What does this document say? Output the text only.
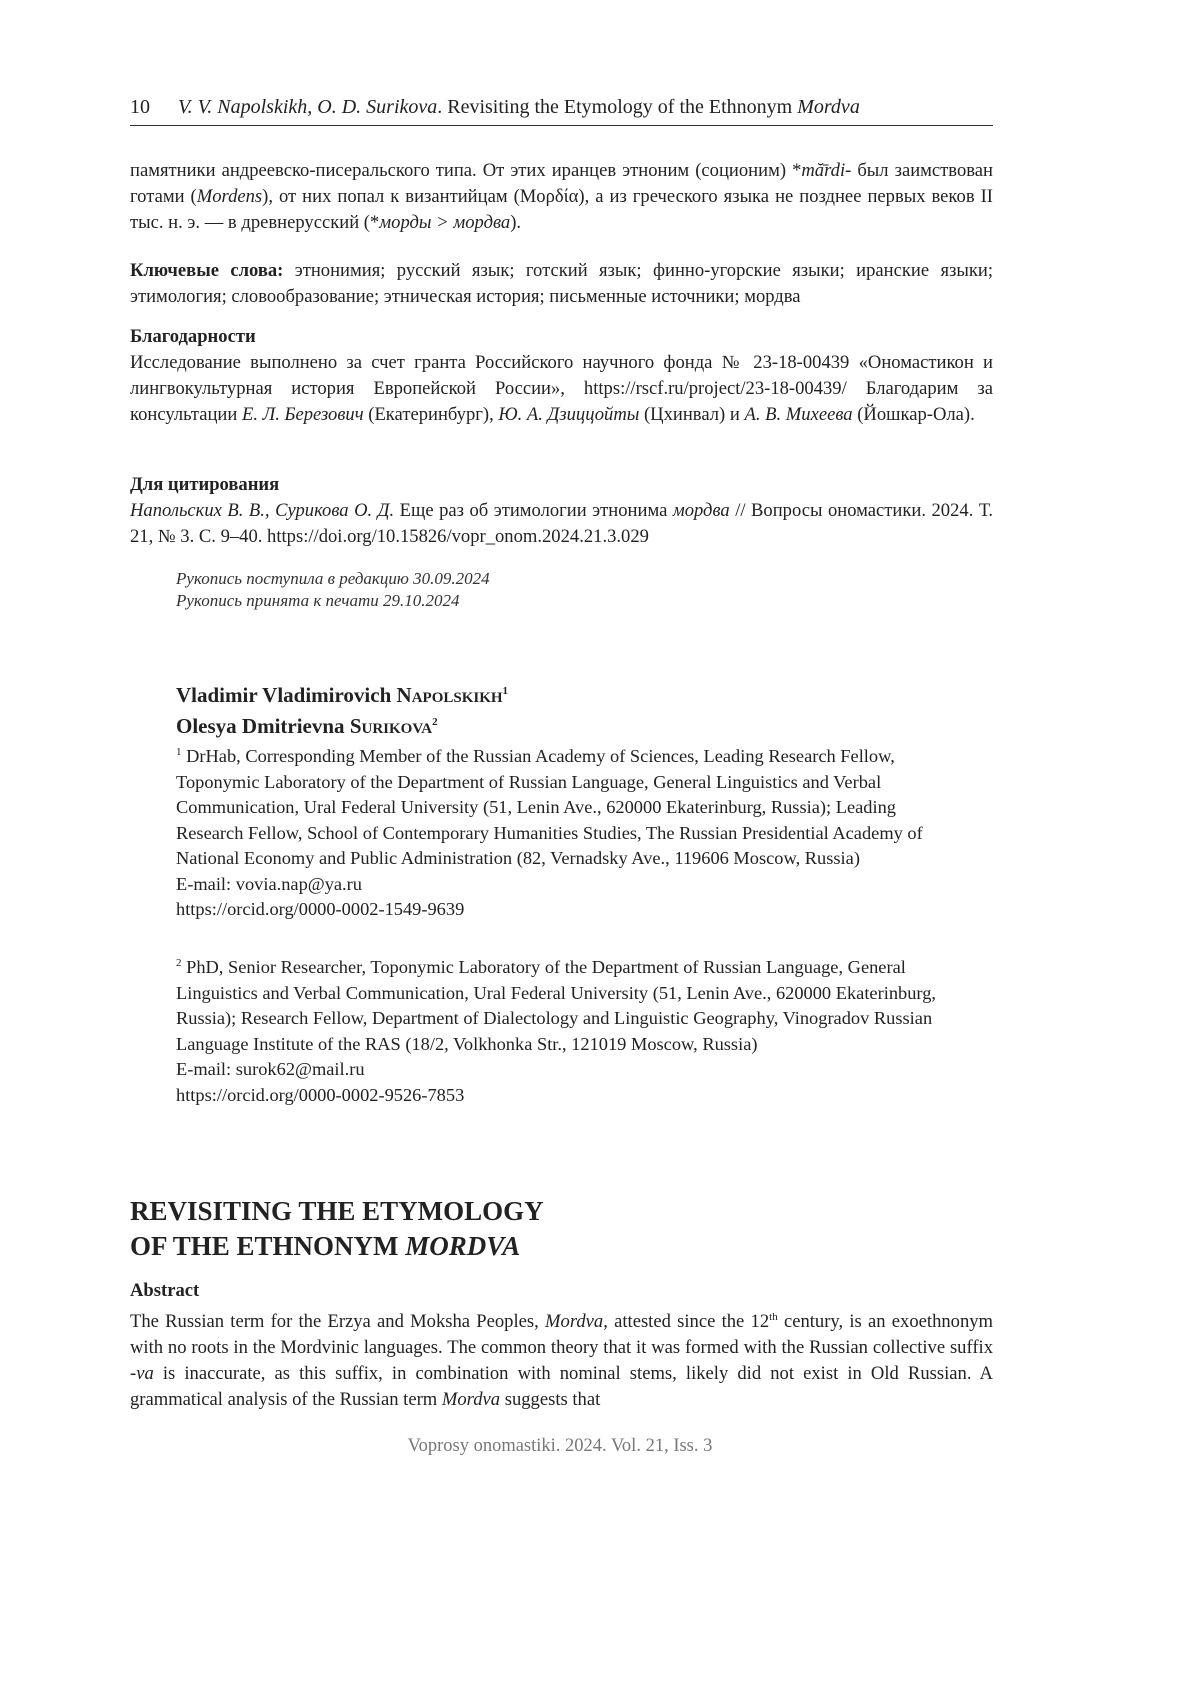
10 V. V. Napolskikh, O. D. Surikova. Revisiting the Etymology of the Ethnonym Mordva

памятники андреевско-писеральского типа. От этих иранцев этноним (соционим) *mă̄rdi- был заимствован готами (Mordens), от них попал к византийцам (Μορδία), а из греческого языка не позднее первых веков II тыс. н. э. — в древнерусский (*морды > мордва).

Ключевые слова: этнонимия; русский язык; готский язык; финно-угорские языки; иранские языки; этимология; словообразование; этническая история; письменные источники; мордва

Благодарности

Исследование выполнено за счет гранта Российского научного фонда № 23-18-00439 «Ономастикон и лингвокультурная история Европейской России», https://rscf.ru/project/23-18-00439/ Благодарим за консультации Е. Л. Березович (Екатеринбург), Ю. А. Дзиццойты (Цхинвал) и А. В. Михеева (Йошкар-Ола).

Для цитирования

Напольских В. В., Сурикова О. Д. Еще раз об этимологии этнонима мордва // Вопросы ономастики. 2024. Т. 21, № 3. С. 9–40. https://doi.org/10.15826/vopr_onom.2024.21.3.029

Рукопись поступила в редакцию 30.09.2024
Рукопись принята к печати 29.10.2024
Vladimir Vladimirovich Napolskikh1
Olesya Dmitrievna Surikova2
1 DrHab, Corresponding Member of the Russian Academy of Sciences, Leading Research Fellow, Toponymic Laboratory of the Department of Russian Language, General Linguistics and Verbal Communication, Ural Federal University (51, Lenin Ave., 620000 Ekaterinburg, Russia); Leading Research Fellow, School of Contemporary Humanities Studies, The Russian Presidential Academy of National Economy and Public Administration (82, Vernadsky Ave., 119606 Moscow, Russia)
E-mail: vovia.nap@ya.ru
https://orcid.org/0000-0002-1549-9639
2 PhD, Senior Researcher, Toponymic Laboratory of the Department of Russian Language, General Linguistics and Verbal Communication, Ural Federal University (51, Lenin Ave., 620000 Ekaterinburg, Russia); Research Fellow, Department of Dialectology and Linguistic Geography, Vinogradov Russian Language Institute of the RAS (18/2, Volkhonka Str., 121019 Moscow, Russia)
E-mail: surok62@mail.ru
https://orcid.org/0000-0002-9526-7853
REVISITING THE ETYMOLOGY
OF THE ETHNONYM MORDVA

Abstract

The Russian term for the Erzya and Moksha Peoples, Mordva, attested since the 12th century, is an exoethnonym with no roots in the Mordvinic languages. The common theory that it was formed with the Russian collective suffix -va is inaccurate, as this suffix, in combination with nominal stems, likely did not exist in Old Russian. A grammatical analysis of the Russian term Mordva suggests that

Voprosy onomastiki. 2024. Vol. 21, Iss. 3
